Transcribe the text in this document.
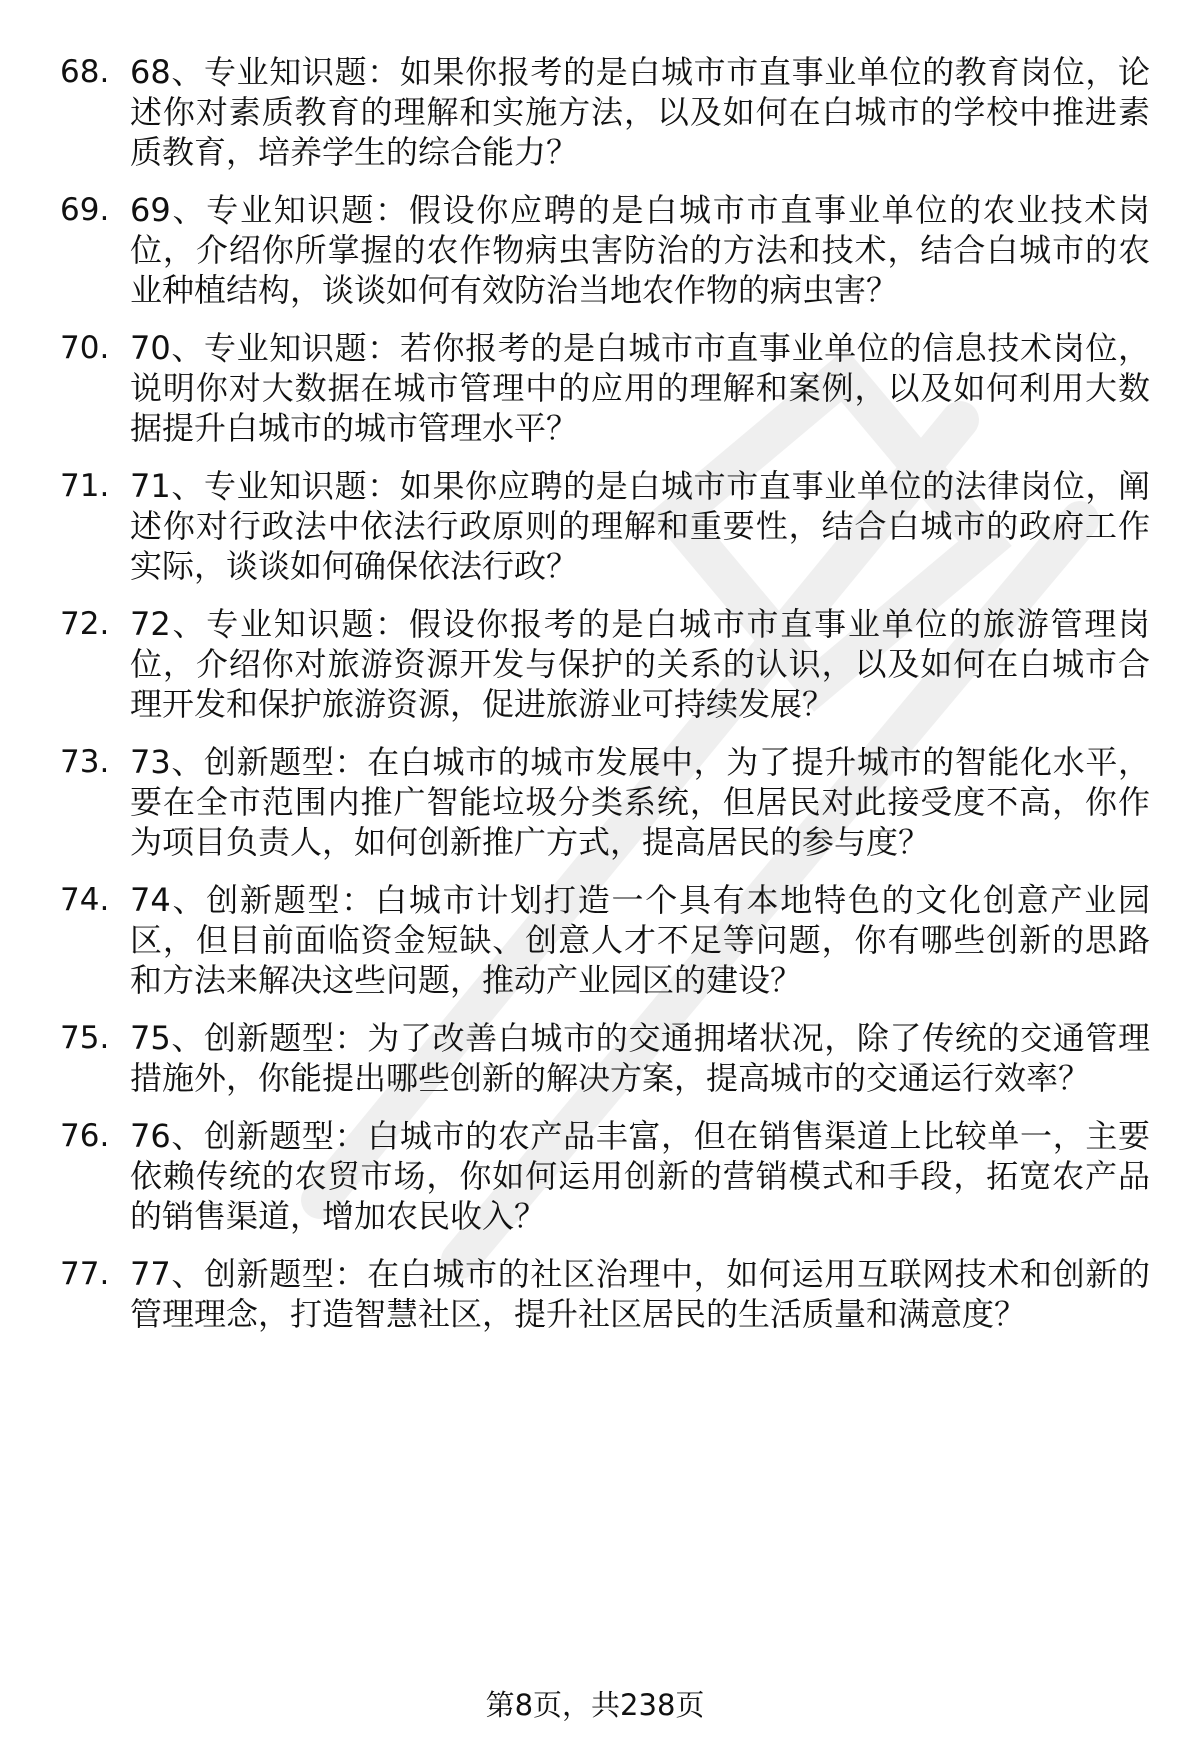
68. 68、专业知识题：如果你报考的是白城市市直事业单位的教育岗位，论述你对素质教育的理解和实施方法，以及如何在白城市的学校中推进素质教育，培养学生的综合能力？
69. 69、专业知识题：假设你应聘的是白城市市直事业单位的农业技术岗位，介绍你所掌握的农作物病虫害防治的方法和技术，结合白城市的农业种植结构，谈谈如何有效防治当地农作物的病虫害？
70. 70、专业知识题：若你报考的是白城市市直事业单位的信息技术岗位，说明你对大数据在城市管理中的应用的理解和案例，以及如何利用大数据提升白城市的城市管理水平？
71. 71、专业知识题：如果你应聘的是白城市市直事业单位的法律岗位，阐述你对行政法中依法行政原则的理解和重要性，结合白城市的政府工作实际，谈谈如何确保依法行政？
72. 72、专业知识题：假设你报考的是白城市市直事业单位的旅游管理岗位，介绍你对旅游资源开发与保护的关系的认识，以及如何在白城市合理开发和保护旅游资源，促进旅游业可持续发展？
73. 73、创新题型：在白城市的城市发展中，为了提升城市的智能化水平，要在全市范围内推广智能垃圾分类系统，但居民对此接受度不高，你作为项目负责人，如何创新推广方式，提高居民的参与度？
74. 74、创新题型：白城市计划打造一个具有本地特色的文化创意产业园区，但目前面临资金短缺、创意人才不足等问题，你有哪些创新的思路和方法来解决这些问题，推动产业园区的建设？
75. 75、创新题型：为了改善白城市的交通拥堵状况，除了传统的交通管理措施外，你能提出哪些创新的解决方案，提高城市的交通运行效率？
76. 76、创新题型：白城市的农产品丰富，但在销售渠道上比较单一，主要依赖传统的农贸市场，你如何运用创新的营销模式和手段，拓宽农产品的销售渠道，增加农民收入？
77. 77、创新题型：在白城市的社区治理中，如何运用互联网技术和创新的管理理念，打造智慧社区，提升社区居民的生活质量和满意度？
第8页，共238页
